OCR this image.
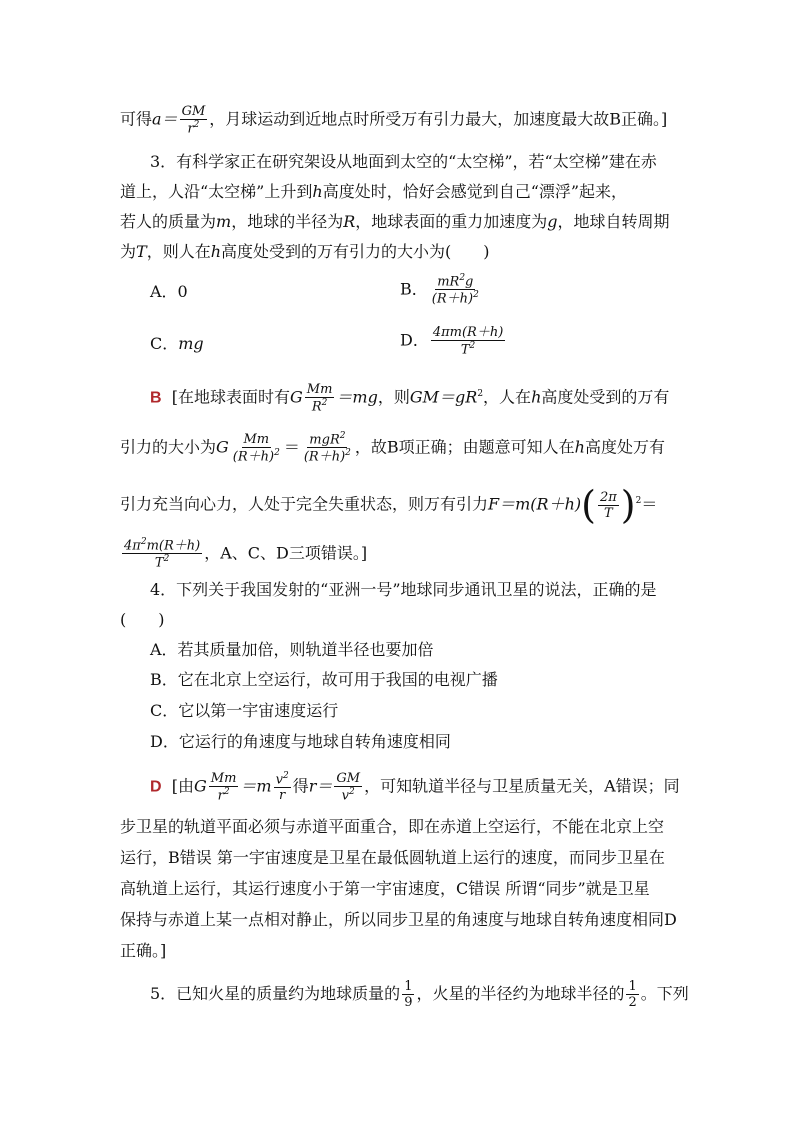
可得$a= \frac{GM}{r^2}$ ，月球运动到近地点时所受万有引力最大，加速度最大故B正确。]
3．有科学家正在研究架设从地面到太空的“太空梯”，若“太空梯”建在赤
道上，人沿“太空梯”上升到h高度处时，恰好会感觉到自己“漂浮”起来，
若人的质量为m，地球的半径为R，地球表面的重力加速度为g，地球自转周期
为T，则人在h高度处受到的万有引力的大小为(　　)
A．0	B． $\frac{mR^2g}{(R+h)^2}$
C．mg	D． $\frac{4\pi m(R+h)}{T^2}$
B [在地球表面时有G $\frac{Mm}{R^2} =mg$，则$GM=gR^2$，人在h高度处受到的万有
引力的大小为G $\frac{Mm}{(R+h)^2} = \frac{mgR^2}{(R+h)^2}$ ，故B项正确；由题意可知人在h高度处万有
引力充当向心力，人处于完全失重状态，则万有引力$F=m(R+h)( \frac{2\pi}{T} )^2=$
$\frac{4\pi^2m(R+h)}{T^2}$ ，A、C、D三项错误。]
4．下列关于我国发射的“亚洲一号”地球同步通讯卫星的说法，正确的是
(　　)
A．若其质量加倍，则轨道半径也要加倍
B．它在北京上空运行，故可用于我国的电视广播
C．它以第一宇宙速度运行
D．它运行的角速度与地球自转角速度相同
D [由G $\frac{Mm}{r^2} =m \frac{v^2}{r}$ 得$r= \frac{GM}{v^2}$ ，可知轨道半径与卫星质量无关，A错误；同
步卫星的轨道平面必须与赤道平面重合，即在赤道上空运行，不能在北京上空
运行，B错误 第一宇宙速度是卫星在最低圆轨道上运行的速度，而同步卫星在
高轨道上运行，其运行速度小于第一宇宙速度，C错误 所谓“同步”就是卫星
保持与赤道上某一点相对静止，所以同步卫星的角速度与地球自转角速度相同D
正确。]
5．已知火星的质量约为地球质量的 $\frac{1}{9}$ ，火星的半径约为地球半径的 $\frac{1}{2}$ 。下列
